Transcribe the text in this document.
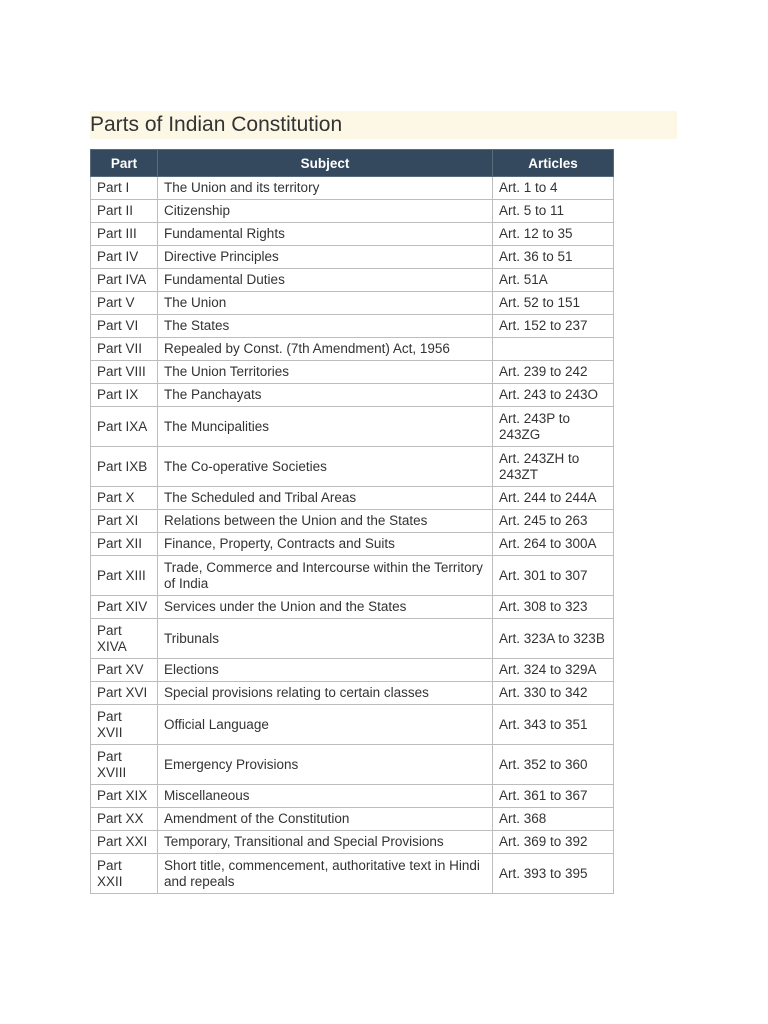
Parts of Indian Constitution
Part	Subject	Articles
Part I	The Union and its territory	Art. 1 to 4
Part II	Citizenship	Art. 5 to 11
Part III	Fundamental Rights	Art. 12 to 35
Part IV	Directive Principles	Art. 36 to 51
Part IVA	Fundamental Duties	Art. 51A
Part V	The Union	Art. 52 to 151
Part VI	The States	Art. 152 to 237
Part VII	Repealed by Const. (7th Amendment) Act, 1956	
Part VIII	The Union Territories	Art. 239 to 242
Part IX	The Panchayats	Art. 243 to 243O
Part IXA	The Muncipalities	Art. 243P to 243ZG
Part IXB	The Co-operative Societies	Art. 243ZH to 243ZT
Part X	The Scheduled and Tribal Areas	Art. 244 to 244A
Part XI	Relations between the Union and the States	Art. 245 to 263
Part XII	Finance, Property, Contracts and Suits	Art. 264 to 300A
Part XIII	Trade, Commerce and Intercourse within the Territory of India	Art. 301 to 307
Part XIV	Services under the Union and the States	Art. 308 to 323
Part XIVA	Tribunals	Art. 323A to 323B
Part XV	Elections	Art. 324 to 329A
Part XVI	Special provisions relating to certain classes	Art. 330 to 342
Part XVII	Official Language	Art. 343 to 351
Part XVIII	Emergency Provisions	Art. 352 to 360
Part XIX	Miscellaneous	Art. 361 to 367
Part XX	Amendment of the Constitution	Art. 368
Part XXI	Temporary, Transitional and Special Provisions	Art. 369 to 392
Part XXII	Short title, commencement, authoritative text in Hindi and repeals	Art. 393 to 395
